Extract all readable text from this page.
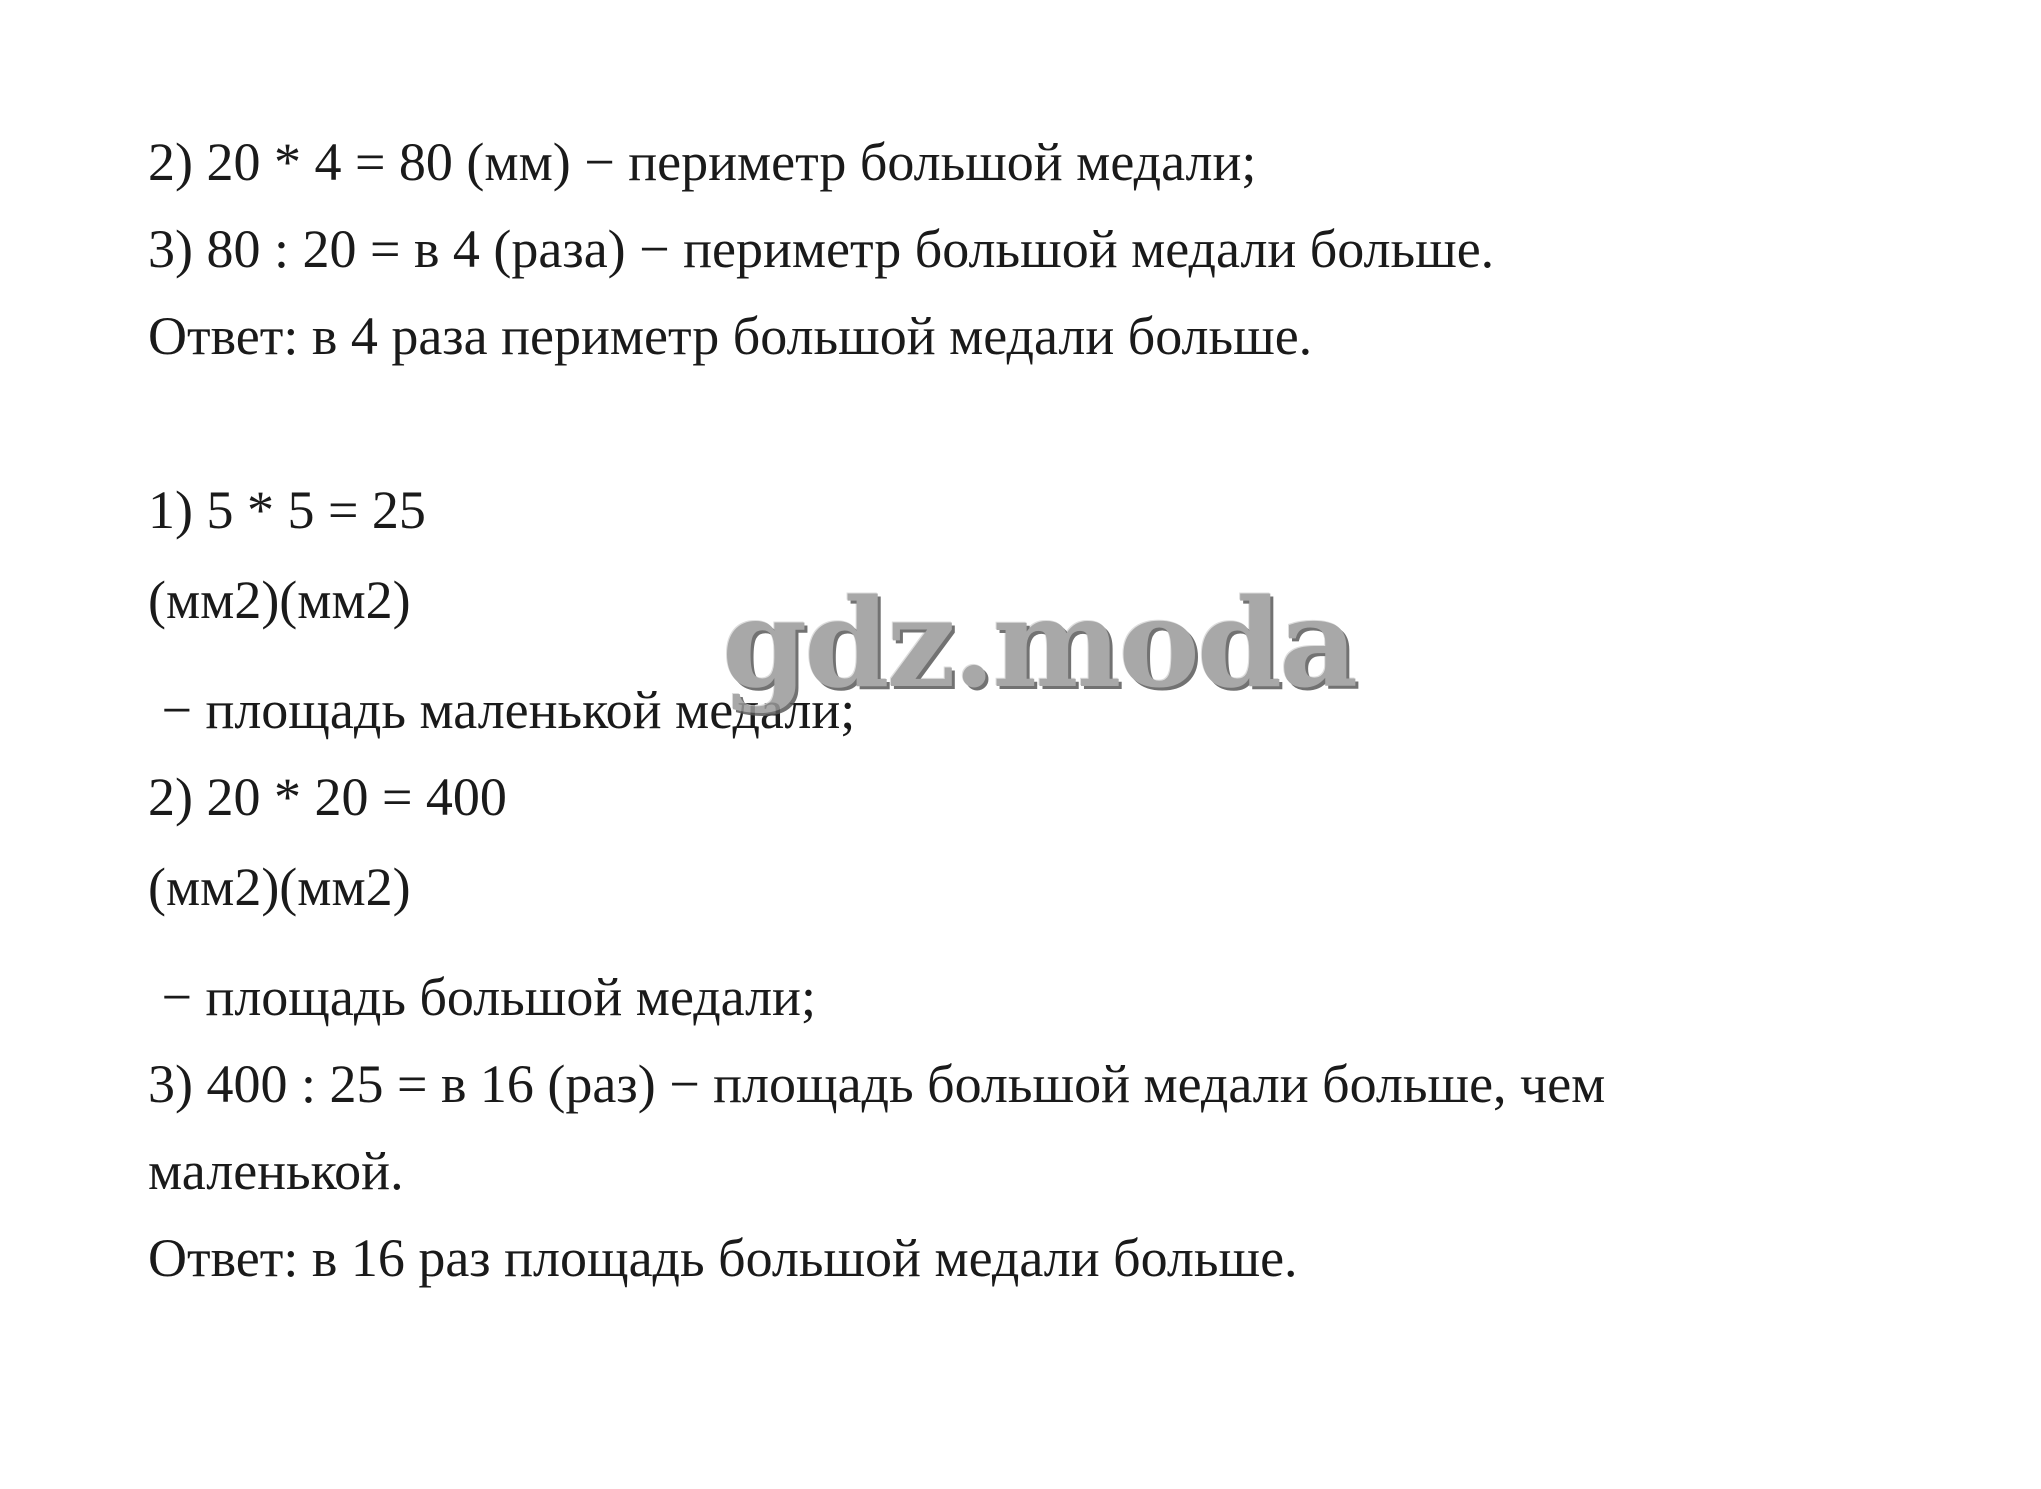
2) 20 * 4 = 80 (мм) − периметр большой медали;
3) 80 : 20 = в 4 (раза) − периметр большой медали больше.
Ответ: в 4 раза периметр большой медали больше.
1) 5 * 5 = 25
(мм2)(мм2)
− площадь маленькой медали;
2) 20 * 20 = 400
(мм2)(мм2)
− площадь большой медали;
3) 400 : 25 = в 16 (раз) − площадь большой медали больше, чем
маленькой.
Ответ: в 16 раз площадь большой медали больше.
gdz.moda
